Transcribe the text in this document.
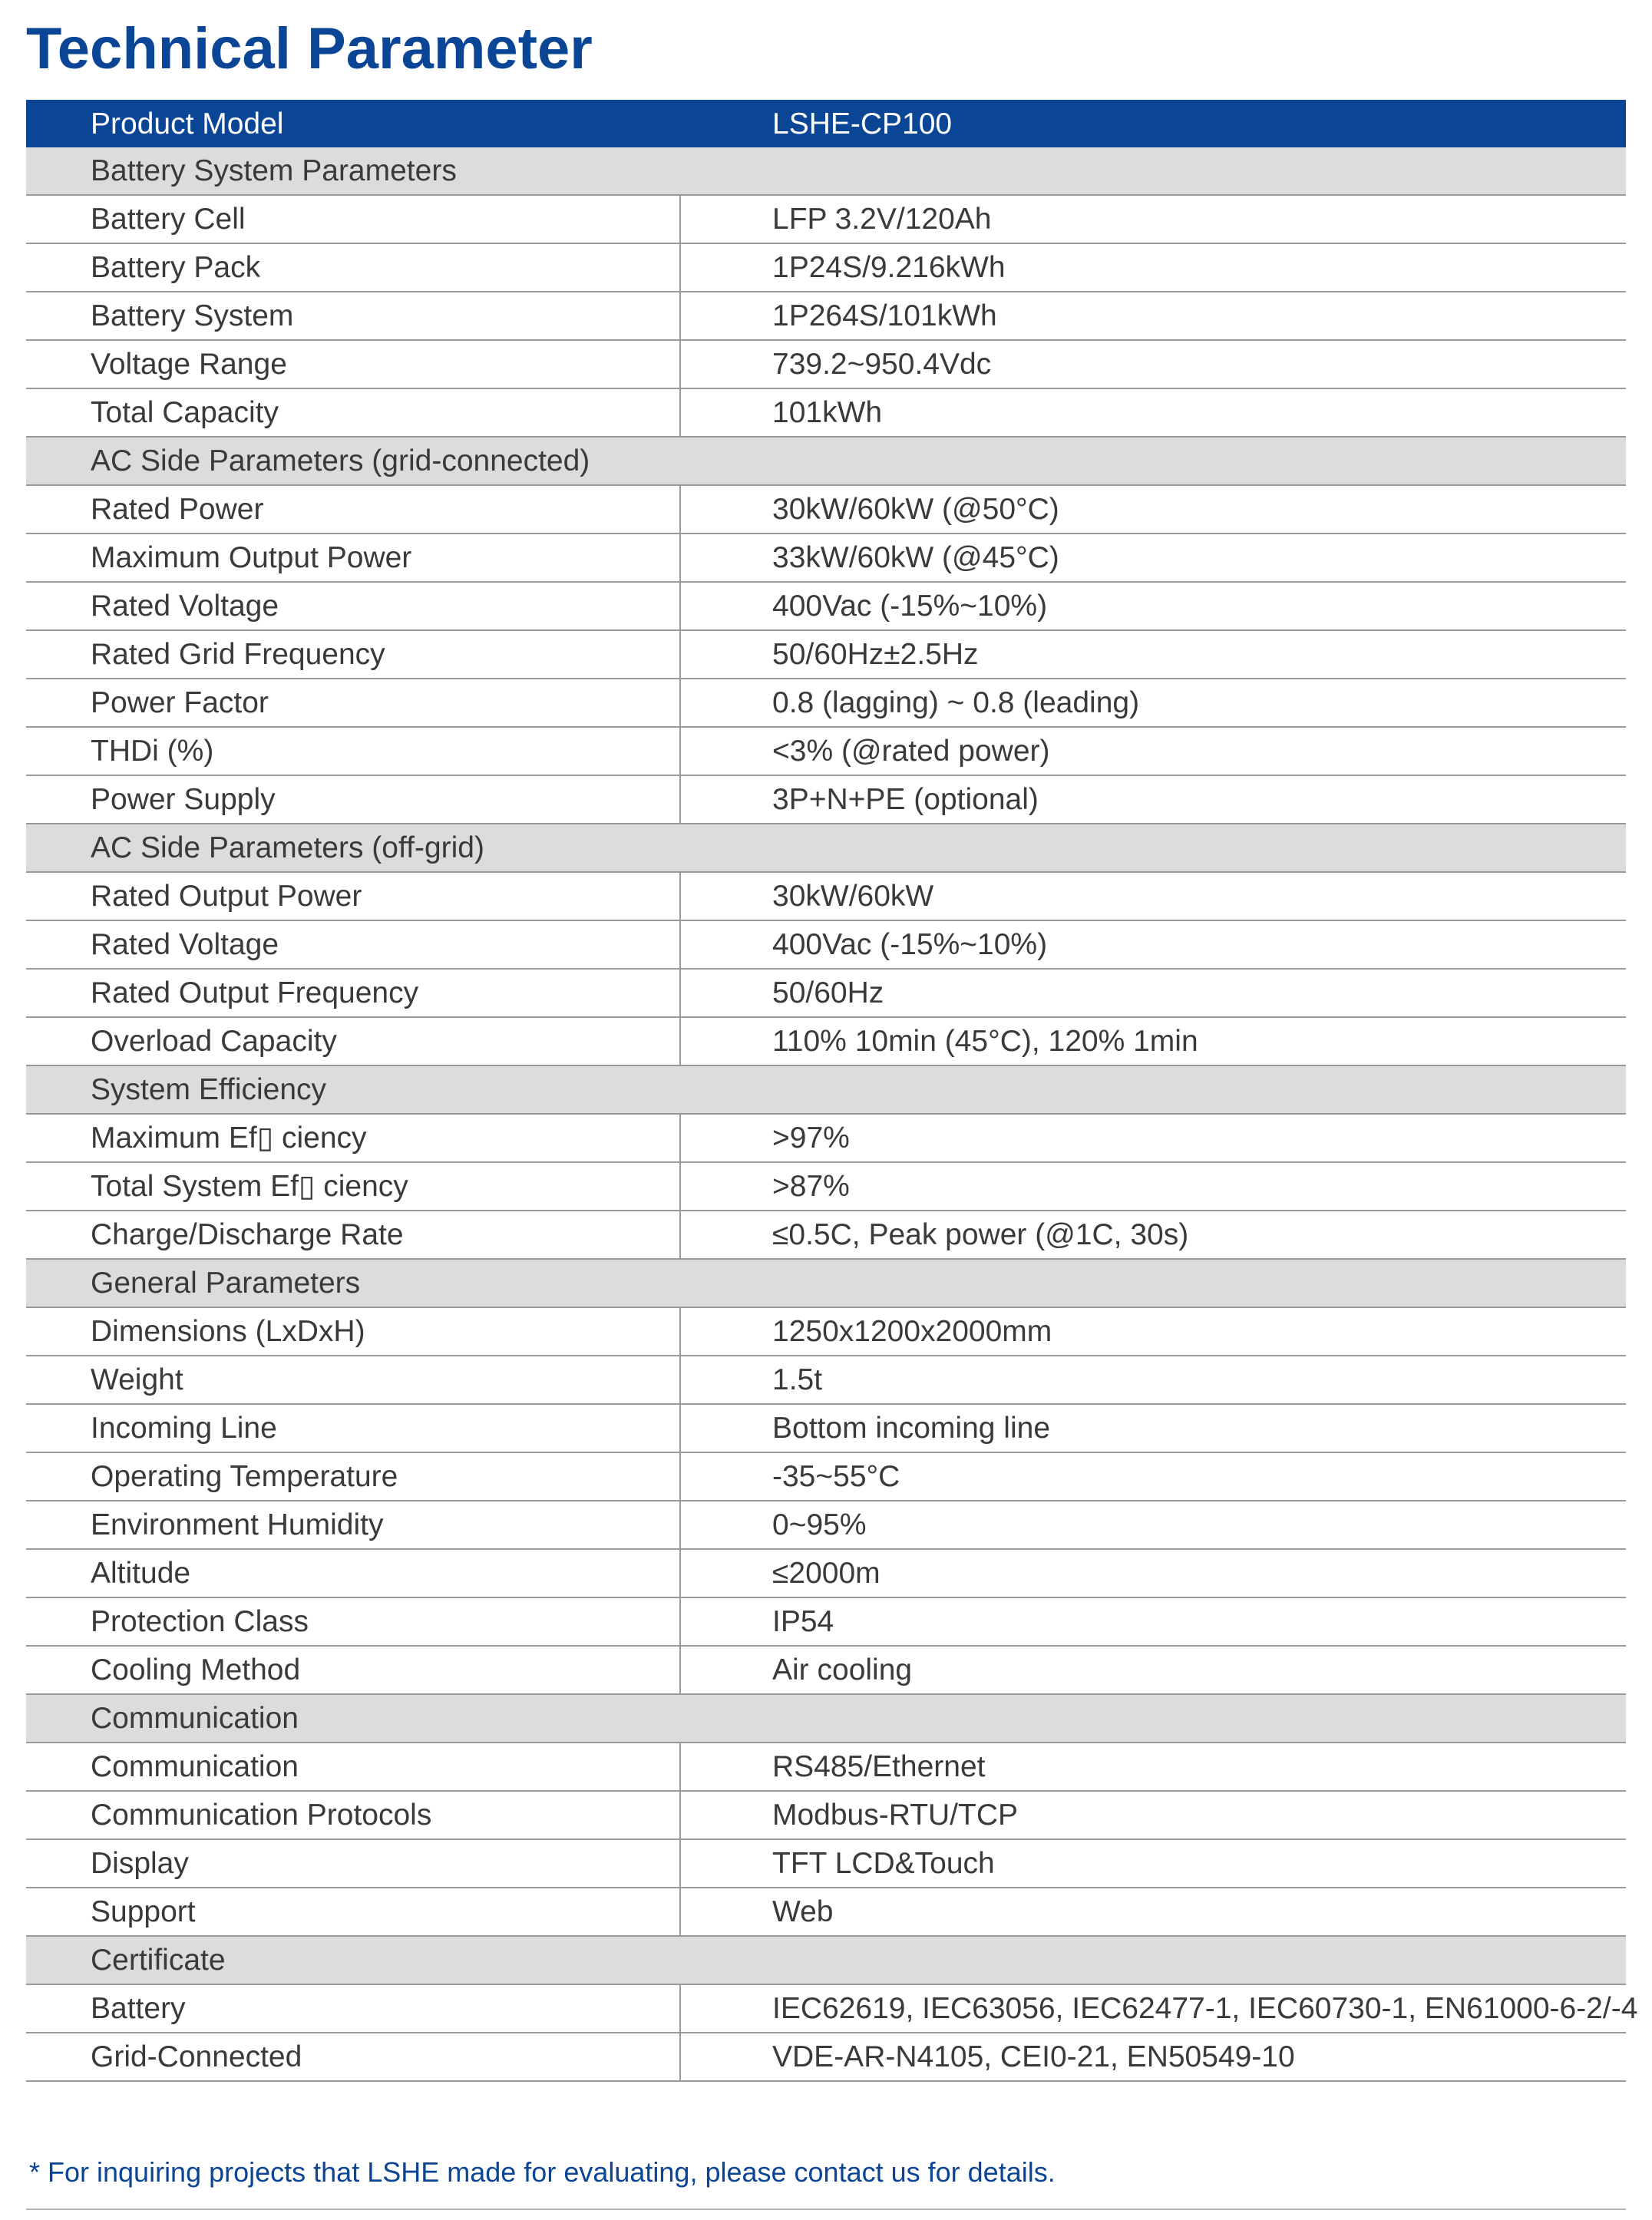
Technical Parameter
Product Model	LSHE-CP100
Battery System Parameters
Battery Cell	LFP 3.2V/120Ah
Battery Pack	1P24S/9.216kWh
Battery System	1P264S/101kWh
Voltage Range	739.2~950.4Vdc
Total Capacity	101kWh
AC Side Parameters (grid-connected)
Rated Power	30kW/60kW (@50°C)
Maximum Output Power	33kW/60kW (@45°C)
Rated Voltage	400Vac (-15%~10%)
Rated Grid Frequency	50/60Hz±2.5Hz
Power Factor	0.8 (lagging) ~ 0.8 (leading)
THDi (%)	<3% (@rated power)
Power Supply	3P+N+PE (optional)
AC Side Parameters (off-grid)
Rated Output Power	30kW/60kW
Rated Voltage	400Vac (-15%~10%)
Rated Output Frequency	50/60Hz
Overload Capacity	110% 10min (45°C), 120% 1min
System Efficiency
Maximum Ef▯ ciency	>97%
Total System Ef▯ ciency	>87%
Charge/Discharge Rate	≤0.5C, Peak power (@1C, 30s)
General Parameters
Dimensions (LxDxH)	1250x1200x2000mm
Weight	1.5t
Incoming Line	Bottom incoming line
Operating Temperature	-35~55°C
Environment Humidity	0~95%
Altitude	≤2000m
Protection Class	IP54
Cooling Method	Air cooling
Communication
Communication	RS485/Ethernet
Communication Protocols	Modbus-RTU/TCP
Display	TFT LCD&Touch
Support	Web
Certificate
Battery	IEC62619, IEC63056, IEC62477-1, IEC60730-1, EN61000-6-2/-4
Grid-Connected	VDE-AR-N4105, CEI0-21, EN50549-10

* For inquiring projects that LSHE made for evaluating, please contact us for details.
